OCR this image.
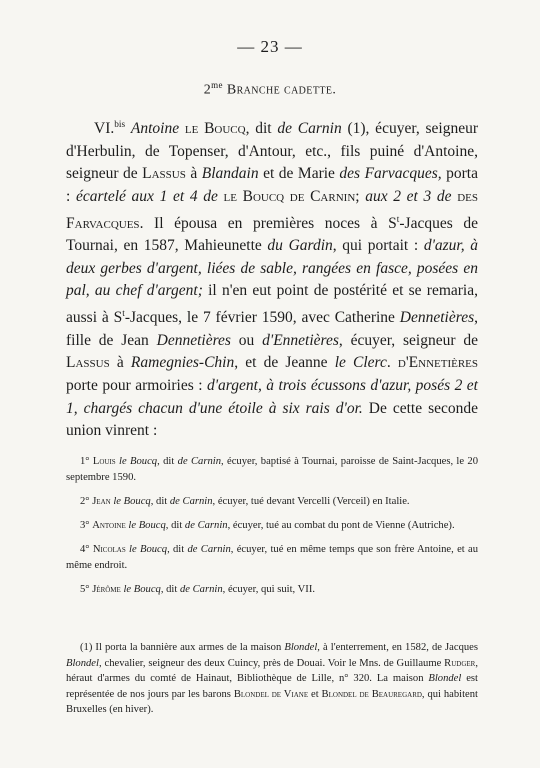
— 23 —
$2^{me}$ Branche cadette.

VI.$^{bis}$ Antoine le Boucq, dit de Carnin (1), écuyer, seigneur d'Herbulin, de Topenser, d'Antour, etc., fils puiné d'Antoine, seigneur de Lassus à Blandain et de Marie des Farvacques, porta : écartelé aux 1 et 4 de le Boucq de Carnin; aux 2 et 3 de des Farvacques. Il épousa en premières noces à $S^t$-Jacques de Tournai, en 1587, Mahieunette du Gardin, qui portait : d'azur, à deux gerbes d'argent, liées de sable, rangées en fasce, posées en pal, au chef d'argent; il n'en eut point de postérité et se remaria, aussi à $S^t$-Jacques, le 7 février 1590, avec Catherine Dennetières, fille de Jean Dennetières ou d'Ennetières, écuyer, seigneur de Lassus à Ramegnies-Chin, et de Jeanne le Clerc. d'Ennetières porte pour armoiries : d'argent, à trois écussons d'azur, posés 2 et 1, chargés chacun d'une étoile à six rais d'or. De cette seconde union vinrent :

1° Louis le Boucq, dit de Carnin, écuyer, baptisé à Tournai, paroisse de Saint-Jacques, le 20 septembre 1590.

2° Jean le Boucq, dit de Carnin, écuyer, tué devant Vercelli (Verceil) en Italie.

3° Antoine le Boucq, dit de Carnin, écuyer, tué au combat du pont de Vienne (Autriche).

4° Nicolas le Boucq, dit de Carnin, écuyer, tué en même temps que son frère Antoine, et au même endroit.

5° Jérôme le Boucq, dit de Carnin, écuyer, qui suit, VII.

(1) Il porta la bannière aux armes de la maison Blondel, à l'enterrement, en 1582, de Jacques Blondel, chevalier, seigneur des deux Cuincy, près de Douai. Voir le Mns. de Guillaume Rudger, héraut d'armes du comté de Hainaut, Bibliothèque de Lille, n° 320. La maison Blondel est représentée de nos jours par les barons Blondel de Viane et Blondel de Beauregard, qui habitent Bruxelles (en hiver).
